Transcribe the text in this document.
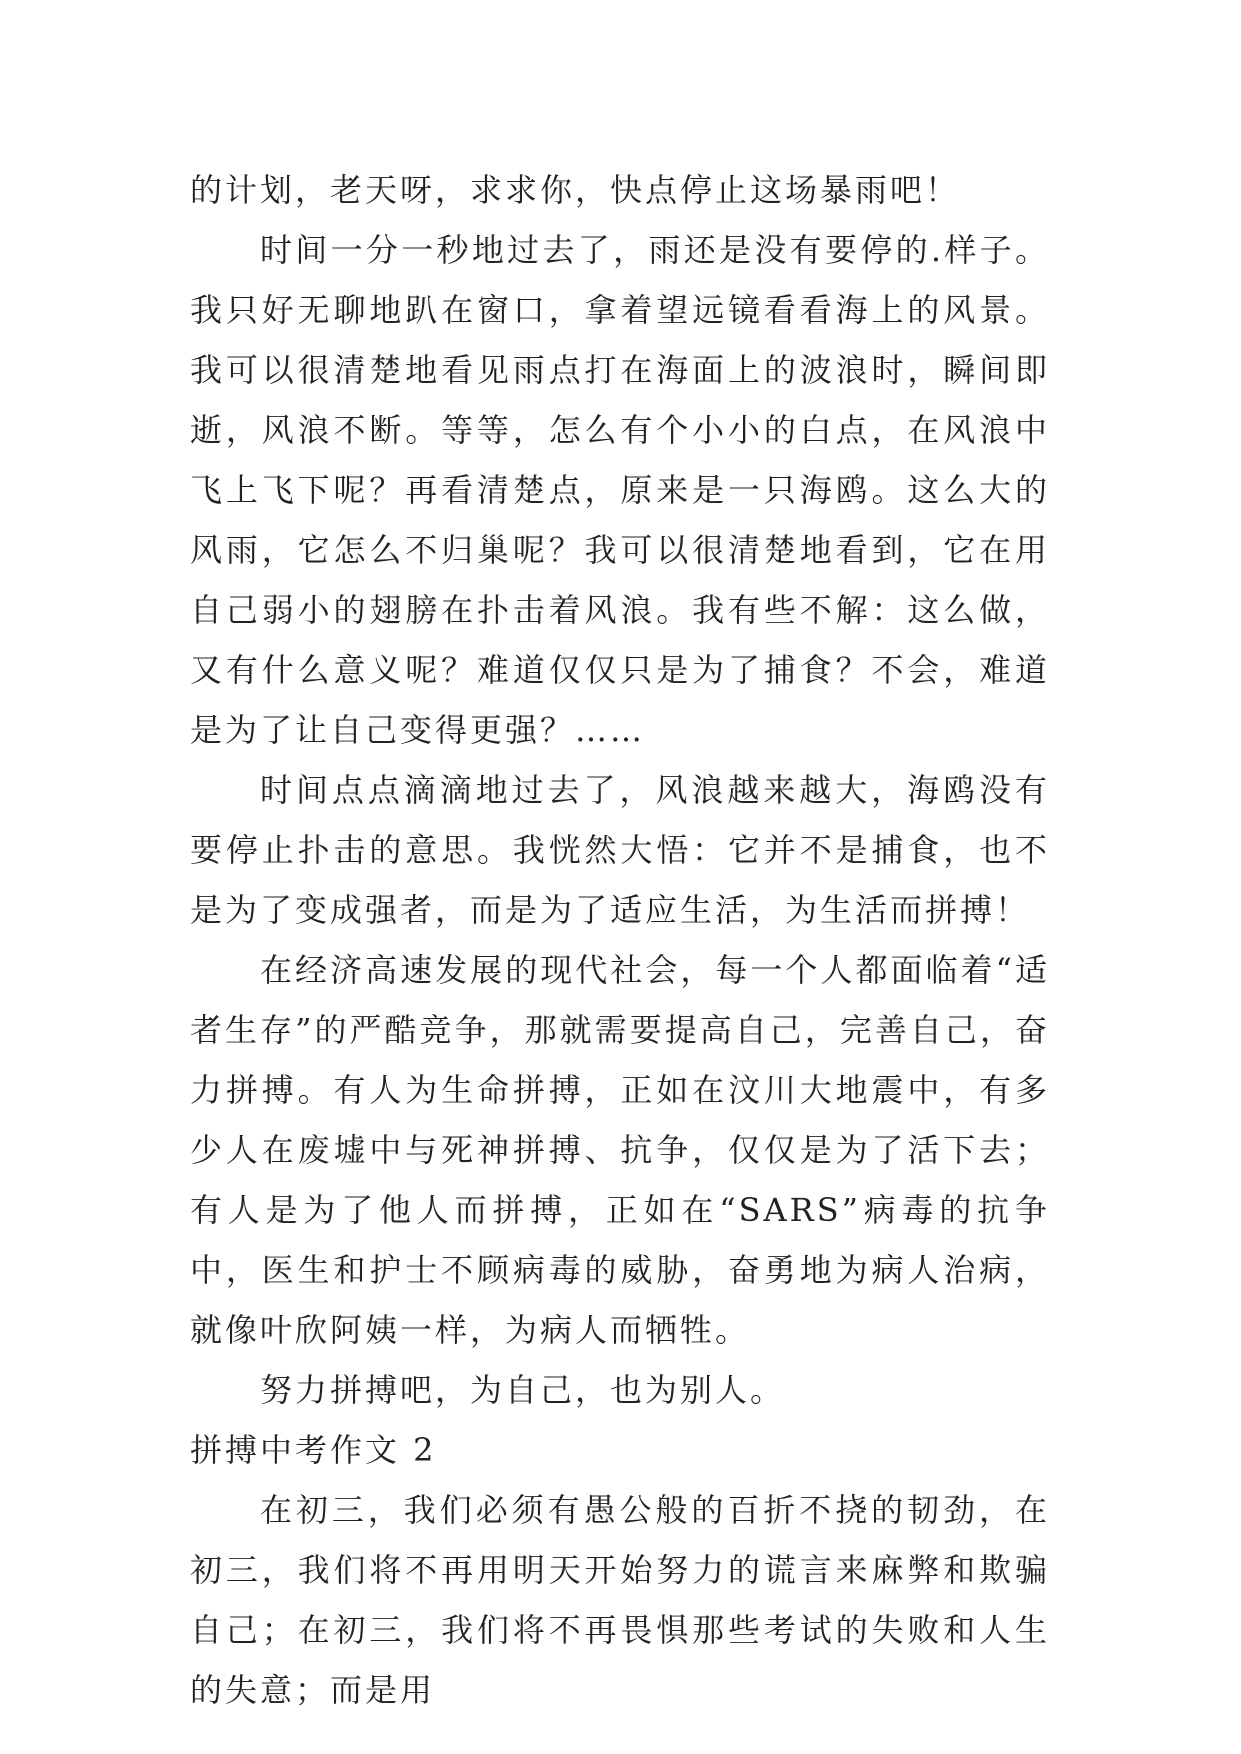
的计划，老天呀，求求你，快点停止这场暴雨吧！

时间一分一秒地过去了，雨还是没有要停的.样子。我只好无聊地趴在窗口，拿着望远镜看看海上的风景。我可以很清楚地看见雨点打在海面上的波浪时，瞬间即逝，风浪不断。等等，怎么有个小小的白点，在风浪中飞上飞下呢？再看清楚点，原来是一只海鸥。这么大的风雨，它怎么不归巢呢？我可以很清楚地看到，它在用自己弱小的翅膀在扑击着风浪。我有些不解：这么做，又有什么意义呢？难道仅仅只是为了捕食？不会，难道是为了让自己变得更强？……

时间点点滴滴地过去了，风浪越来越大，海鸥没有要停止扑击的意思。我恍然大悟：它并不是捕食，也不是为了变成强者，而是为了适应生活，为生活而拼搏！

在经济高速发展的现代社会，每一个人都面临着“适者生存”的严酷竞争，那就需要提高自己，完善自己，奋力拼搏。有人为生命拼搏，正如在汶川大地震中，有多少人在废墟中与死神拼搏、抗争，仅仅是为了活下去；有人是为了他人而拼搏，正如在“SARS”病毒的抗争中，医生和护士不顾病毒的威胁，奋勇地为病人治病，就像叶欣阿姨一样，为病人而牺牲。

努力拼搏吧，为自己，也为别人。

拼搏中考作文 2

在初三，我们必须有愚公般的百折不挠的韧劲，在初三，我们将不再用明天开始努力的谎言来麻弊和欺骗自己；在初三，我们将不再畏惧那些考试的失败和人生的失意；而是用
